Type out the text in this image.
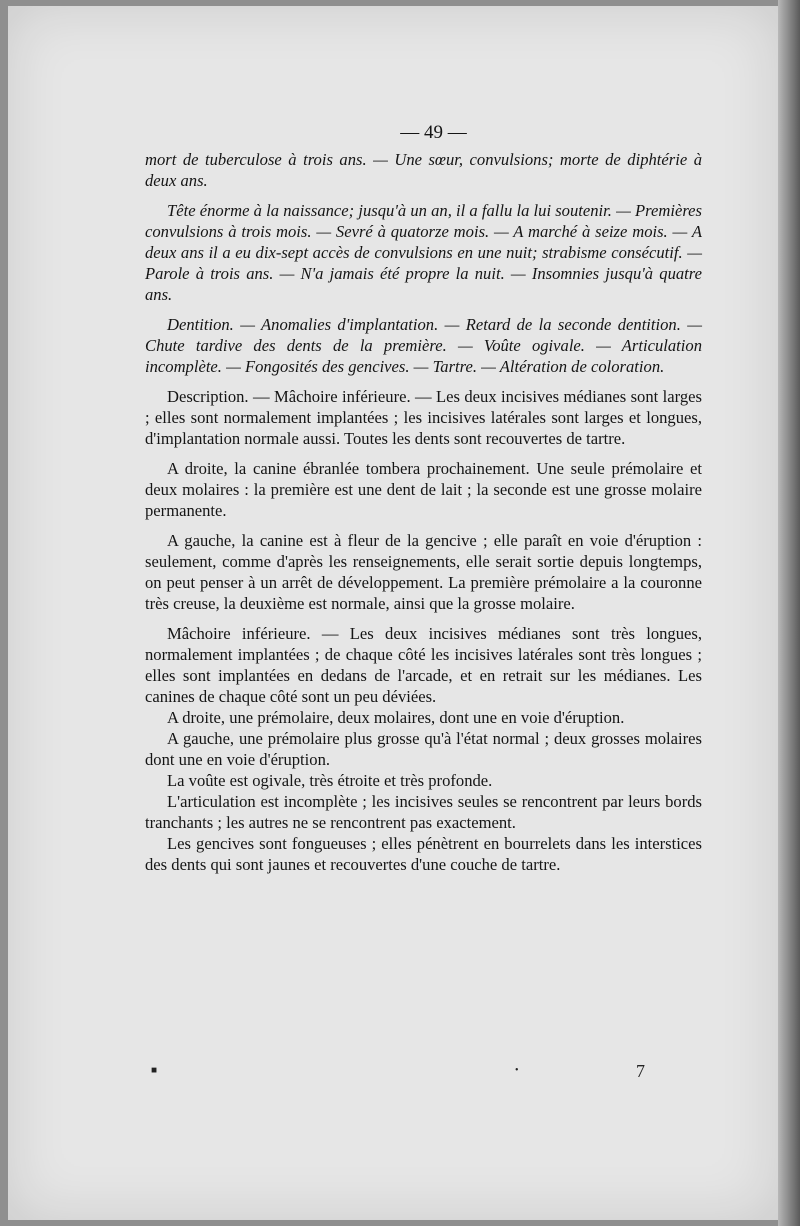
— 49 —

mort de tuberculose à trois ans. — Une sœur, convulsions; morte de diphtérie à deux ans.

Tête énorme à la naissance; jusqu'à un an, il a fallu la lui soutenir. — Premières convulsions à trois mois. — Sevré à quatorze mois. — A marché à seize mois. — A deux ans il a eu dix-sept accès de convulsions en une nuit; strabisme consécutif. — Parole à trois ans. — N'a jamais été propre la nuit. — Insomnies jusqu'à quatre ans.

Dentition. — Anomalies d'implantation. — Retard de la seconde dentition. — Chute tardive des dents de la première. — Voûte ogivale. — Articulation incomplète. — Fongosités des gencives. — Tartre. — Altération de coloration.

Description. — Mâchoire inférieure. — Les deux incisives médianes sont larges ; elles sont normalement implantées ; les incisives latérales sont larges et longues, d'implantation normale aussi. Toutes les dents sont recouvertes de tartre.

A droite, la canine ébranlée tombera prochainement. Une seule prémolaire et deux molaires : la première est une dent de lait ; la seconde est une grosse molaire permanente.

A gauche, la canine est à fleur de la gencive ; elle paraît en voie d'éruption : seulement, comme d'après les renseignements, elle serait sortie depuis longtemps, on peut penser à un arrêt de développement. La première prémolaire a la couronne très creuse, la deuxième est normale, ainsi que la grosse molaire.

Mâchoire inférieure. — Les deux incisives médianes sont très longues, normalement implantées ; de chaque côté les incisives latérales sont très longues ; elles sont implantées en dedans de l'arcade, et en retrait sur les médianes. Les canines de chaque côté sont un peu déviées.

A droite, une prémolaire, deux molaires, dont une en voie d'éruption.

A gauche, une prémolaire plus grosse qu'à l'état normal ; deux grosses molaires dont une en voie d'éruption.

La voûte est ogivale, très étroite et très profonde.

L'articulation est incomplète ; les incisives seules se rencontrent par leurs bords tranchants ; les autres ne se rencontrent pas exactement.

Les gencives sont fongueuses ; elles pénètrent en bourrelets dans les interstices des dents qui sont jaunes et recouvertes d'une couche de tartre.

■	•	7
